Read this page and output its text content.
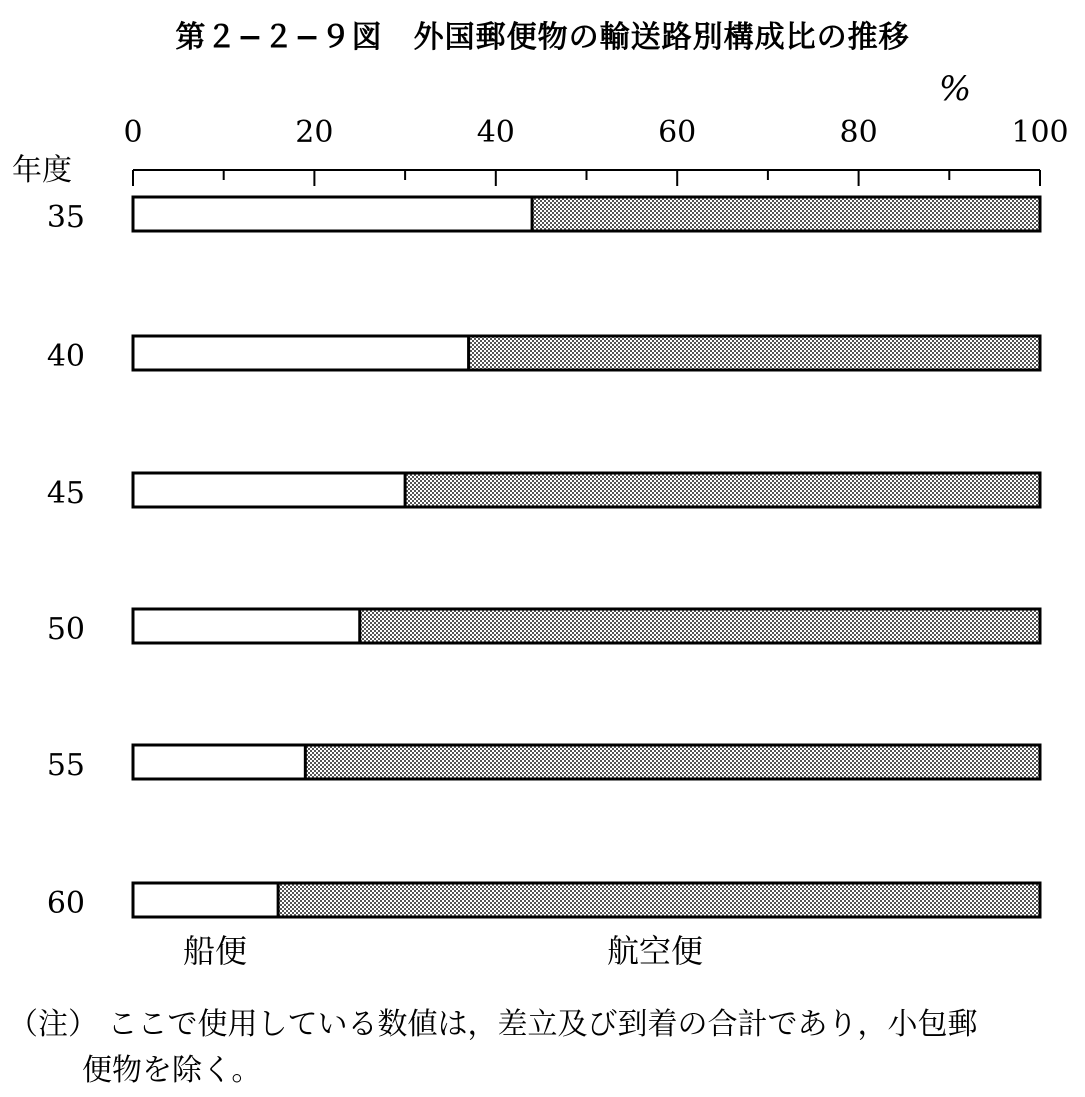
第２−２−９図　外国郵便物の輸送路別構成比の推移
0	20	40	60	80	100
%
年度
35
40
45
50
55
60
船便	航空便
（注） ここで使用している数値は，差立及び到着の合計であり，小包郵
便物を除く。
